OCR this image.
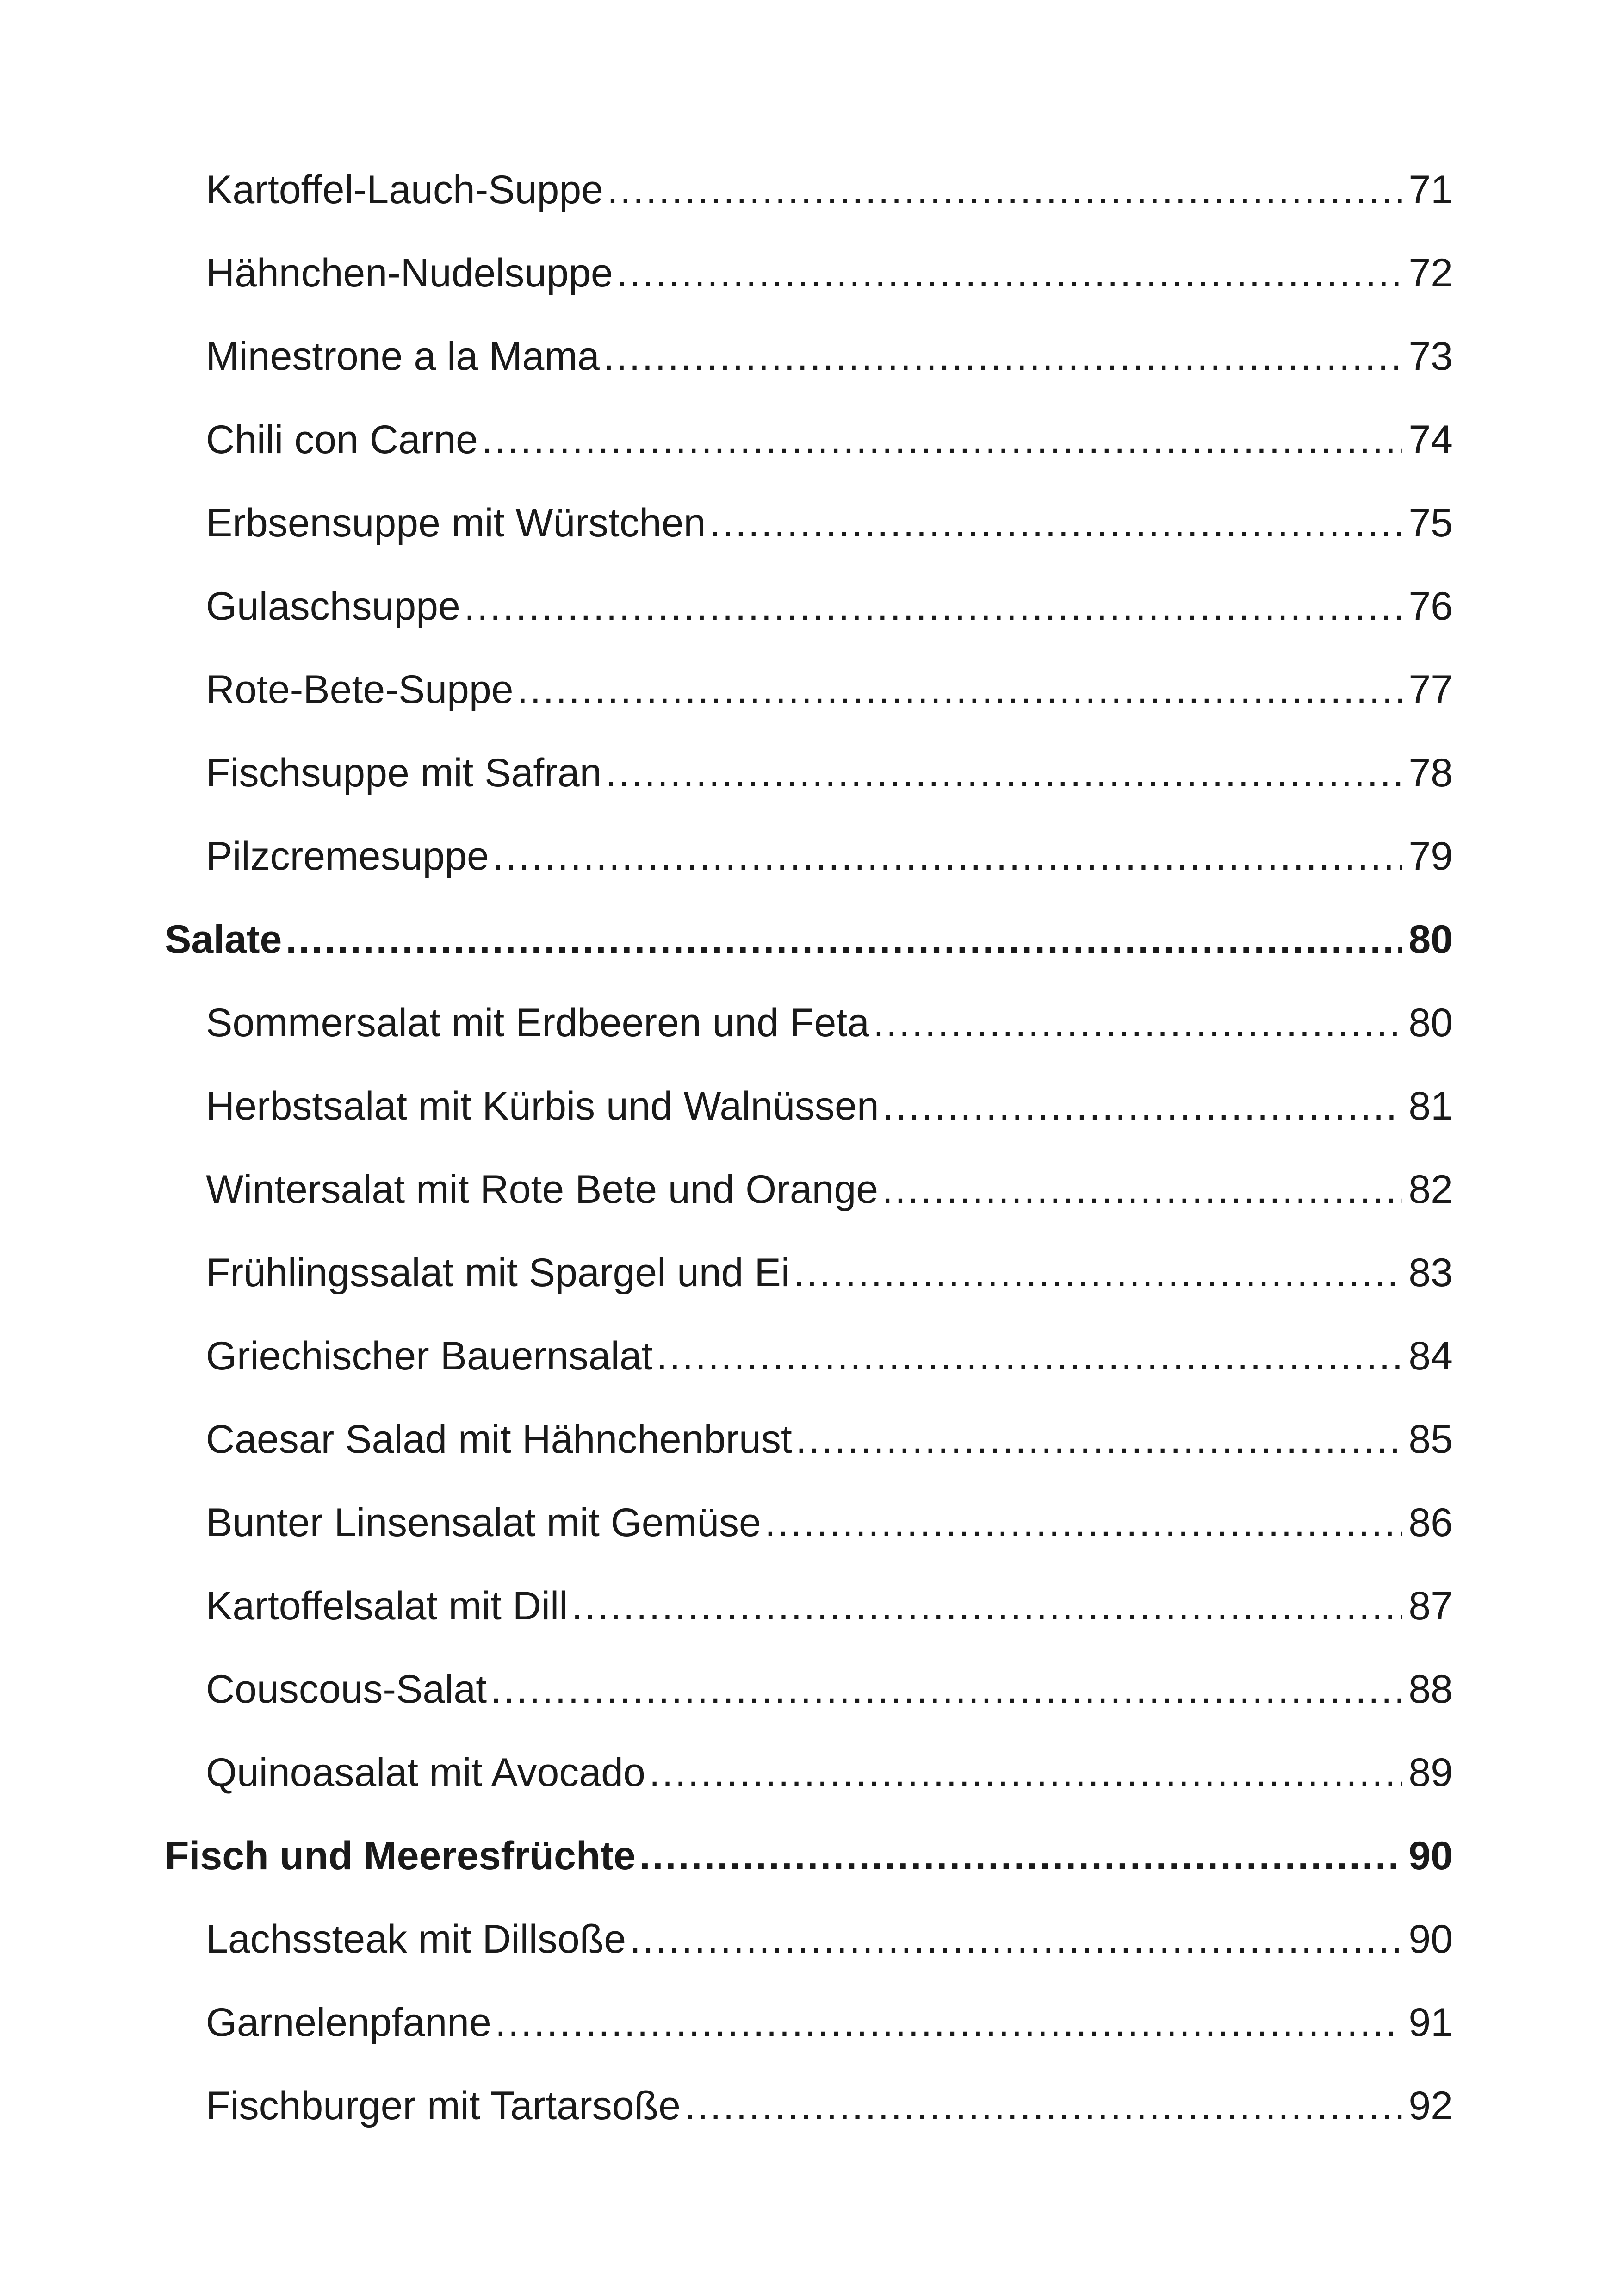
Kartoffel-Lauch-Suppe .....	71
Hähnchen-Nudelsuppe .....	72
Minestrone a la Mama .....	73
Chili con Carne .....	74
Erbsensuppe mit Würstchen .....	75
Gulaschsuppe .....	76
Rote-Bete-Suppe .....	77
Fischsuppe mit Safran .....	78
Pilzcremesuppe .....	79
Salate .....	80
Sommersalat mit Erdbeeren und Feta .....	80
Herbstsalat mit Kürbis und Walnüssen .....	81
Wintersalat mit Rote Bete und Orange .....	82
Frühlingssalat mit Spargel und Ei .....	83
Griechischer Bauernsalat .....	84
Caesar Salad mit Hähnchenbrust .....	85
Bunter Linsensalat mit Gemüse .....	86
Kartoffelsalat mit Dill .....	87
Couscous-Salat .....	88
Quinoasalat mit Avocado .....	89
Fisch und Meeresfrüchte .....	90
Lachssteak mit Dillsoße .....	90
Garnelenpfanne .....	91
Fischburger mit Tartarsoße .....	92
